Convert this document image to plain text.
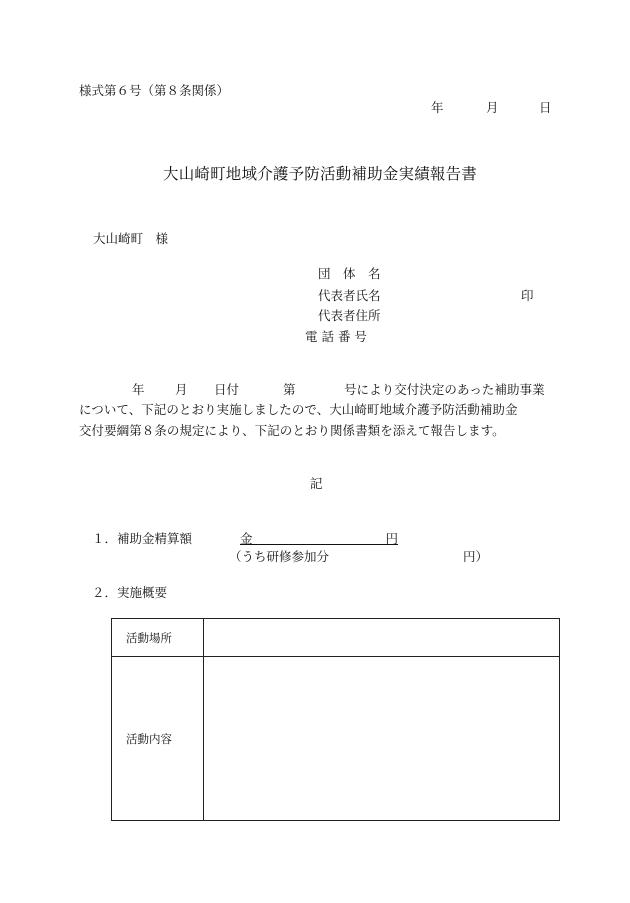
様式第６号（第８条関係）
年	月	日
大山崎町地域介護予防活動補助金実績報告書
大山崎町　様
団　体　名
代表者氏名	印
代表者住所
電 話 番 号
年 月 日付	第	号により交付決定のあった補助事業
について、下記のとおり実施しましたので、大山崎町地域介護予防活動補助金
交付要綱第８条の規定により、下記のとおり関係書類を添えて報告します。
記
１．補助金精算額	金	円
（うち研修参加分	円）
２．実施概要
活動場所	
活動内容	
